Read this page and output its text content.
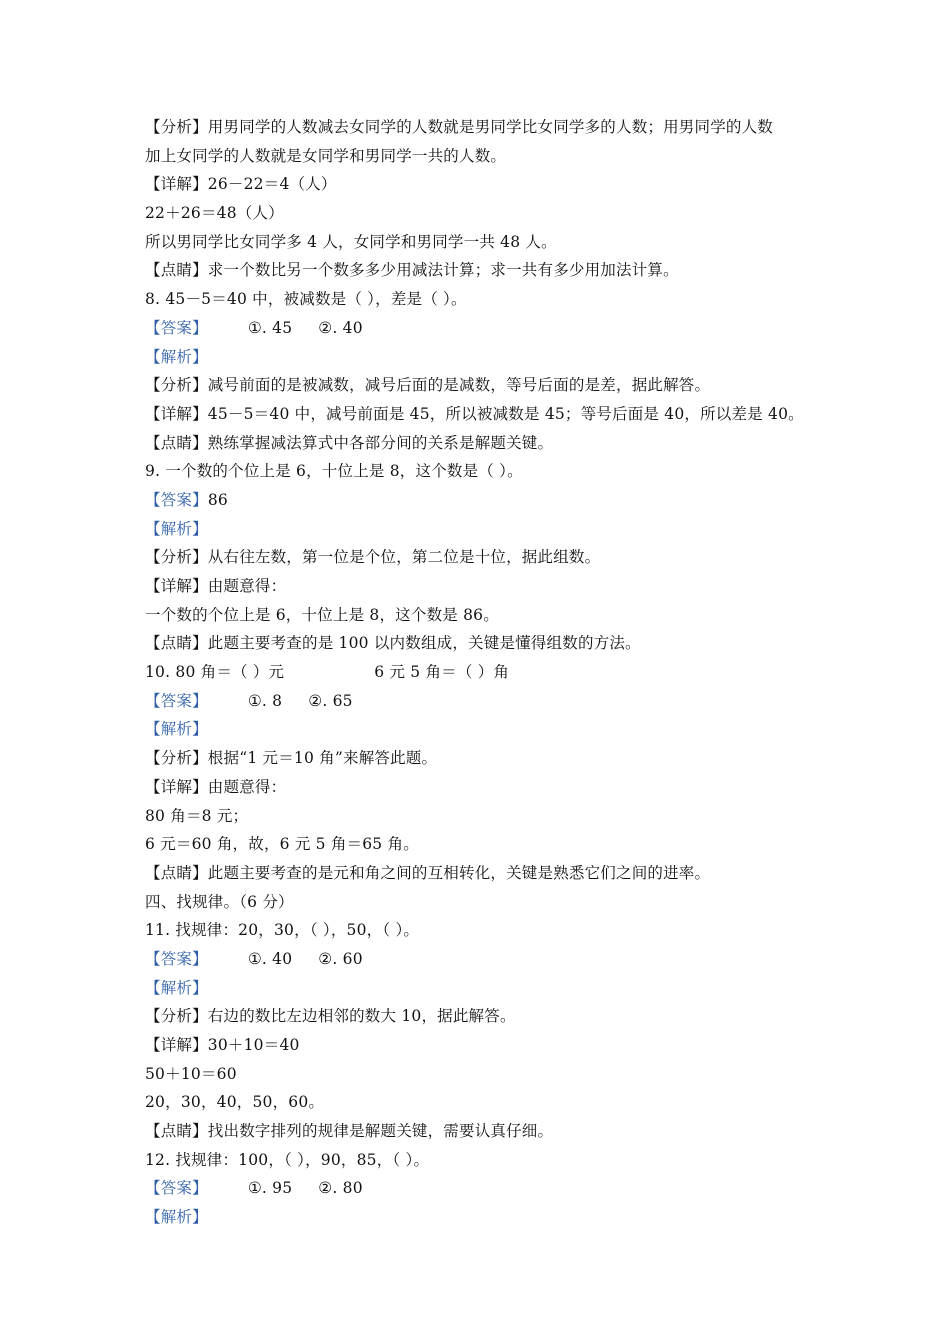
【分析】用男同学的人数减去女同学的人数就是男同学比女同学多的人数；用男同学的人数
加上女同学的人数就是女同学和男同学一共的人数。
【详解】26－22＝4（人）
22＋26＝48（人）
所以男同学比女同学多 4 人，女同学和男同学一共 48 人。
【点睛】求一个数比另一个数多多少用减法计算；求一共有多少用加法计算。
8. 45－5＝40 中，被减数是（ ），差是（ ）。
【答案】	①. 45 ②. 40
【解析】
【分析】减号前面的是被减数，减号后面的是减数，等号后面的是差，据此解答。
【详解】45－5＝40 中，减号前面是 45，所以被减数是 45；等号后面是 40，所以差是 40。
【点睛】熟练掌握减法算式中各部分间的关系是解题关键。
9. 一个数的个位上是 6，十位上是 8，这个数是（ ）。
【答案】86
【解析】
【分析】从右往左数，第一位是个位，第二位是十位，据此组数。
【详解】由题意得：
一个数的个位上是 6，十位上是 8，这个数是 86。
【点睛】此题主要考查的是 100 以内数组成，关键是懂得组数的方法。
10. 80 角＝（ ）元	6 元 5 角＝（ ）角
【答案】	①. 8 ②. 65
【解析】
【分析】根据“1 元＝10 角”来解答此题。
【详解】由题意得：
80 角＝8 元；
6 元＝60 角，故，6 元 5 角＝65 角。
【点睛】此题主要考查的是元和角之间的互相转化，关键是熟悉它们之间的进率。
四、找规律。（6 分）
11. 找规律：20，30，（ ），50，（ ）。
【答案】	①. 40 ②. 60
【解析】
【分析】右边的数比左边相邻的数大 10，据此解答。
【详解】30＋10＝40
50＋10＝60
20，30，40，50，60。
【点睛】找出数字排列的规律是解题关键，需要认真仔细。
12. 找规律：100，（ ），90，85，（ ）。
【答案】	①. 95 ②. 80
【解析】
